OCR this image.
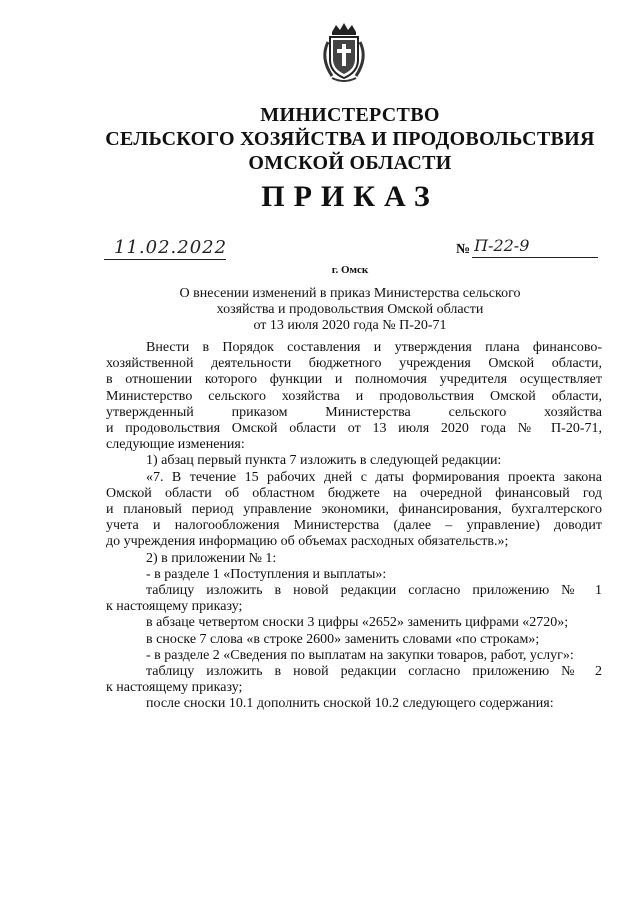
МИНИСТЕРСТВО
СЕЛЬСКОГО ХОЗЯЙСТВА И ПРОДОВОЛЬСТВИЯ
ОМСКОЙ ОБЛАСТИ
ПРИКАЗ
11.02.2022	№ П-22-9
г. Омск
О внесении изменений в приказ Министерства сельского
хозяйства и продовольствия Омской области
от 13 июля 2020 года № П-20-71
Внести в Порядок составления и утверждения плана финансово-
хозяйственной деятельности бюджетного учреждения Омской области,
в отношении которого функции и полномочия учредителя осуществляет
Министерство сельского хозяйства и продовольствия Омской области,
утвержденный приказом Министерства сельского хозяйства
и продовольствия Омской области от 13 июля 2020 года № П-20-71,
следующие изменения:
1) абзац первый пункта 7 изложить в следующей редакции:
«7. В течение 15 рабочих дней с даты формирования проекта закона
Омской области об областном бюджете на очередной финансовый год
и плановый период управление экономики, финансирования, бухгалтерского
учета и налогообложения Министерства (далее – управление) доводит
до учреждения информацию об объемах расходных обязательств.»;
2) в приложении № 1:
- в разделе 1 «Поступления и выплаты»:
таблицу изложить в новой редакции согласно приложению № 1
к настоящему приказу;
в абзаце четвертом сноски 3 цифры «2652» заменить цифрами «2720»;
в сноске 7 слова «в строке 2600» заменить словами «по строкам»;
- в разделе 2 «Сведения по выплатам на закупки товаров, работ, услуг»:
таблицу изложить в новой редакции согласно приложению № 2
к настоящему приказу;
после сноски 10.1 дополнить сноской 10.2 следующего содержания:
